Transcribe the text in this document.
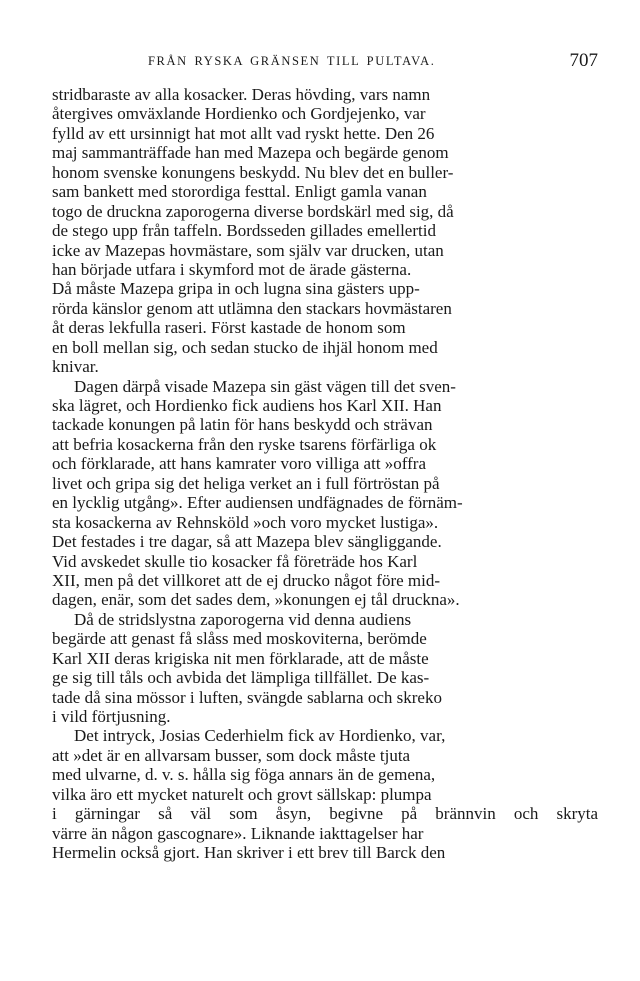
FRÅN RYSKA GRÄNSEN TILL PULTAVA.	707
stridbaraste av alla kosacker. Deras hövding, vars namn
återgives omväxlande Hordienko och Gordjejenko, var
fylld av ett ursinnigt hat mot allt vad ryskt hette. Den 26
maj sammanträffade han med Mazepa och begärde genom
honom svenske konungens beskydd. Nu blev det en buller-
sam bankett med storordiga festtal. Enligt gamla vanan
togo de druckna zaporogerna diverse bordskärl med sig, då
de stego upp från taffeln. Bordsseden gillades emellertid
icke av Mazepas hovmästare, som själv var drucken, utan
han började utfara i skymford mot de ärade gästerna.
Då måste Mazepa gripa in och lugna sina gästers upp-
rörda känslor genom att utlämna den stackars hovmästaren
åt deras lekfulla raseri. Först kastade de honom som
en boll mellan sig, och sedan stucko de ihjäl honom med
knivar.
Dagen därpå visade Mazepa sin gäst vägen till det sven-
ska lägret, och Hordienko fick audiens hos Karl XII. Han
tackade konungen på latin för hans beskydd och strävan
att befria kosackerna från den ryske tsarens förfärliga ok
och förklarade, att hans kamrater voro villiga att »offra
livet och gripa sig det heliga verket an i full förtröstan på
en lycklig utgång». Efter audiensen undfägnades de förnäm-
sta kosackerna av Rehnsköld »och voro mycket lustiga».
Det festades i tre dagar, så att Mazepa blev sängliggande.
Vid avskedet skulle tio kosacker få företräde hos Karl
XII, men på det villkoret att de ej drucko något före mid-
dagen, enär, som det sades dem, »konungen ej tål druckna».
Då de stridslystna zaporogerna vid denna audiens
begärde att genast få slåss med moskoviterna, berömde
Karl XII deras krigiska nit men förklarade, att de måste
ge sig till tåls och avbida det lämpliga tillfället. De kas-
tade då sina mössor i luften, svängde sablarna och skreko
i vild förtjusning.
Det intryck, Josias Cederhielm fick av Hordienko, var,
att »det är en allvarsam busser, som dock måste tjuta
med ulvarne, d. v. s. hålla sig föga annars än de gemena,
vilka äro ett mycket naturelt och grovt sällskap: plumpa
i gärningar så väl som åsyn, begivne på brännvin och skryta
värre än någon gascognare». Liknande iakttagelser har
Hermelin också gjort. Han skriver i ett brev till Barck den
